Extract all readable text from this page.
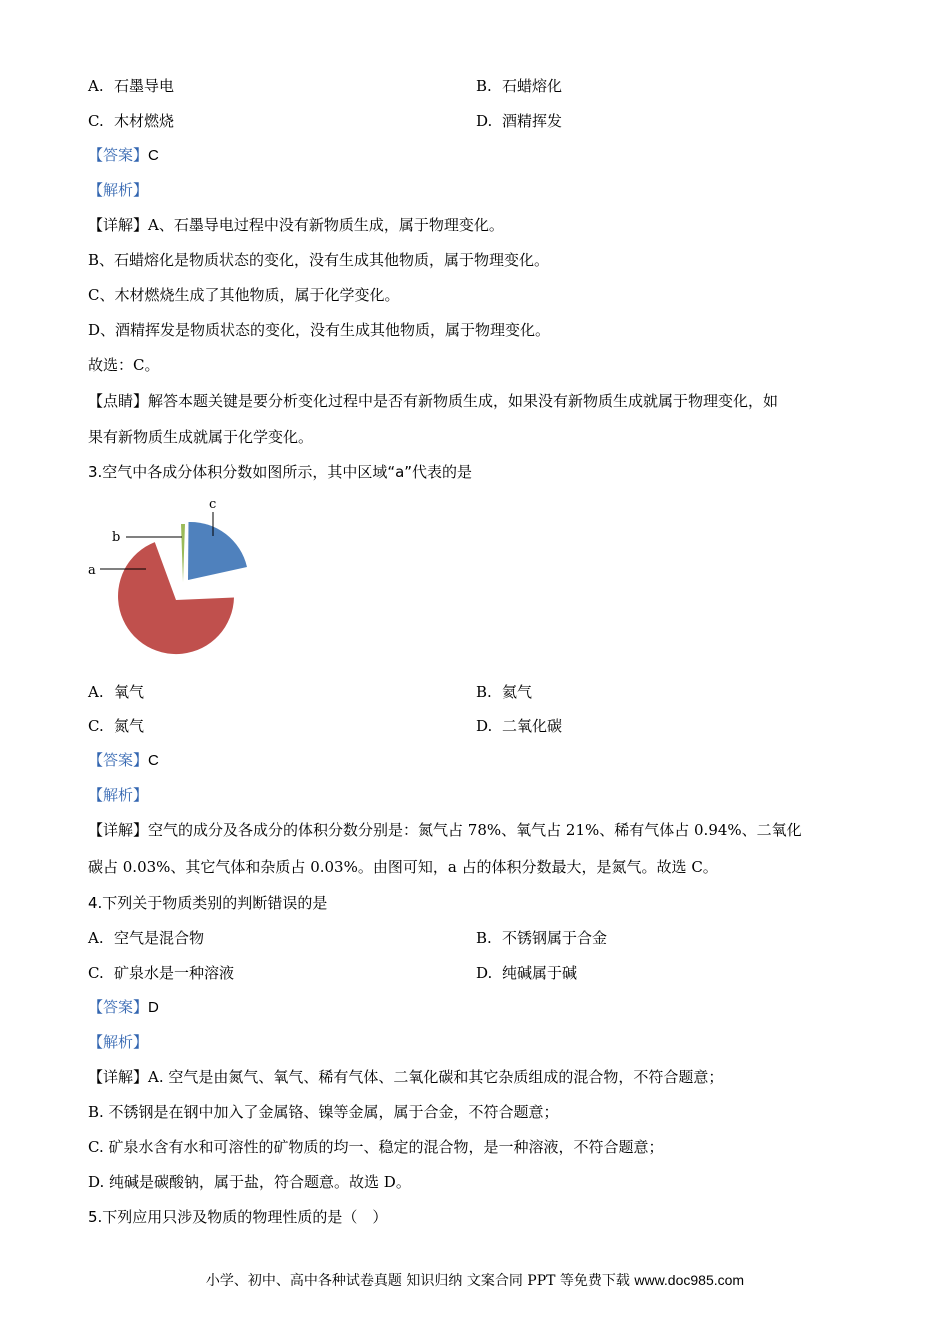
A. 石墨导电	B. 石蜡熔化
C. 木材燃烧	D. 酒精挥发
【答案】C
【解析】
【详解】A、石墨导电过程中没有新物质生成，属于物理变化。
B、石蜡熔化是物质状态的变化，没有生成其他物质，属于物理变化。
C、木材燃烧生成了其他物质，属于化学变化。
D、酒精挥发是物质状态的变化，没有生成其他物质，属于物理变化。
故选：C。
【点睛】解答本题关键是要分析变化过程中是否有新物质生成，如果没有新物质生成就属于物理变化，如
果有新物质生成就属于化学变化。
3.空气中各成分体积分数如图所示，其中区域“a”代表的是
a
b
c
A. 氧气	B. 氦气
C. 氮气	D. 二氧化碳
【答案】C
【解析】
【详解】空气的成分及各成分的体积分数分别是：氮气占 78%、氧气占 21%、稀有气体占 0.94%、二氧化
碳占 0.03%、其它气体和杂质占 0.03%。由图可知，a 占的体积分数最大，是氮气。故选 C。
4.下列关于物质类别的判断错误的是
A. 空气是混合物	B. 不锈钢属于合金
C. 矿泉水是一种溶液	D. 纯碱属于碱
【答案】D
【解析】
【详解】A. 空气是由氮气、氧气、稀有气体、二氧化碳和其它杂质组成的混合物，不符合题意；
B. 不锈钢是在钢中加入了金属铬、镍等金属，属于合金，不符合题意；
C. 矿泉水含有水和可溶性的矿物质的均一、稳定的混合物，是一种溶液，不符合题意；
D. 纯碱是碳酸钠，属于盐，符合题意。故选 D。
5.下列应用只涉及物质的物理性质的是（　）
小学、初中、高中各种试卷真题 知识归纳 文案合同 PPT 等免费下载 www.doc985.com
